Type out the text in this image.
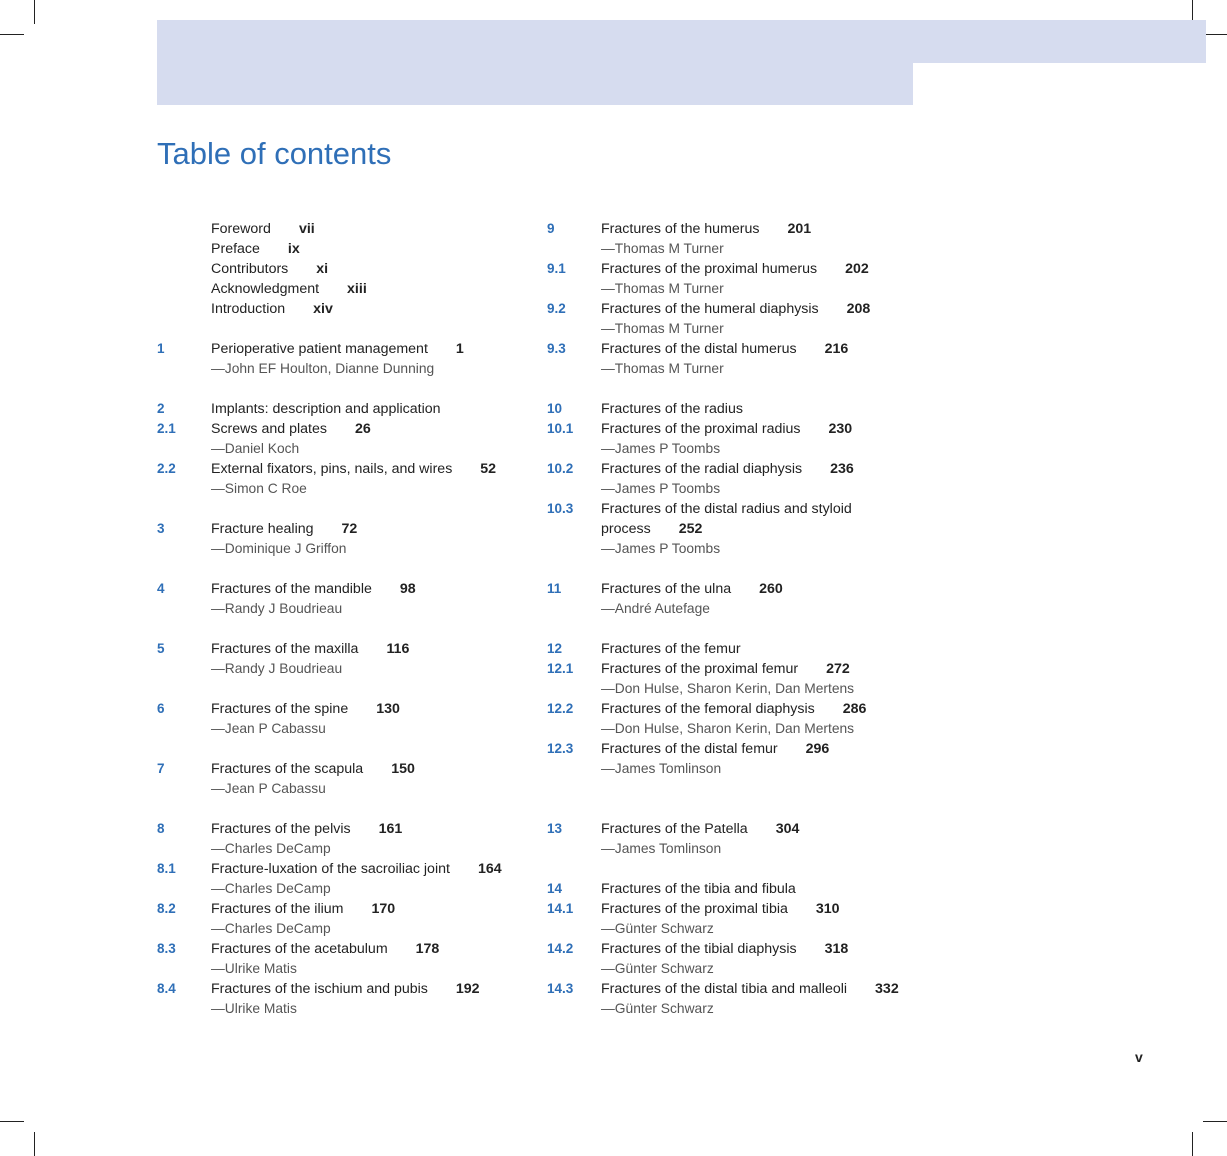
Table of contents
Foreword vii
Preface ix
Contributors xi
Acknowledgment xiii
Introduction xiv
1	Perioperative patient management 1
—John EF Houlton, Dianne Dunning
2	Implants: description and application
2.1	Screws and plates 26
—Daniel Koch
2.2	External fixators, pins, nails, and wires 52
—Simon C Roe
3	Fracture healing 72
—Dominique J Griffon
4	Fractures of the mandible 98
—Randy J Boudrieau
5	Fractures of the maxilla 116
—Randy J Boudrieau
6	Fractures of the spine 130
—Jean P Cabassu
7	Fractures of the scapula 150
—Jean P Cabassu
8	Fractures of the pelvis 161
—Charles DeCamp
8.1	Fracture-luxation of the sacroiliac joint 164
—Charles DeCamp
8.2	Fractures of the ilium 170
—Charles DeCamp
8.3	Fractures of the acetabulum 178
—Ulrike Matis
8.4	Fractures of the ischium and pubis 192
—Ulrike Matis
9	Fractures of the humerus 201
—Thomas M Turner
9.1	Fractures of the proximal humerus 202
—Thomas M Turner
9.2	Fractures of the humeral diaphysis 208
—Thomas M Turner
9.3	Fractures of the distal humerus 216
—Thomas M Turner
10	Fractures of the radius
10.1	Fractures of the proximal radius 230
—James P Toombs
10.2	Fractures of the radial diaphysis 236
—James P Toombs
10.3	Fractures of the distal radius and styloid process 252
—James P Toombs
11	Fractures of the ulna 260
—André Autefage
12	Fractures of the femur
12.1	Fractures of the proximal femur 272
—Don Hulse, Sharon Kerin, Dan Mertens
12.2	Fractures of the femoral diaphysis 286
—Don Hulse, Sharon Kerin, Dan Mertens
12.3	Fractures of the distal femur 296
—James Tomlinson
13	Fractures of the Patella 304
—James Tomlinson
14	Fractures of the tibia and fibula
14.1	Fractures of the proximal tibia 310
—Günter Schwarz
14.2	Fractures of the tibial diaphysis 318
—Günter Schwarz
14.3	Fractures of the distal tibia and malleoli 332
—Günter Schwarz
v
